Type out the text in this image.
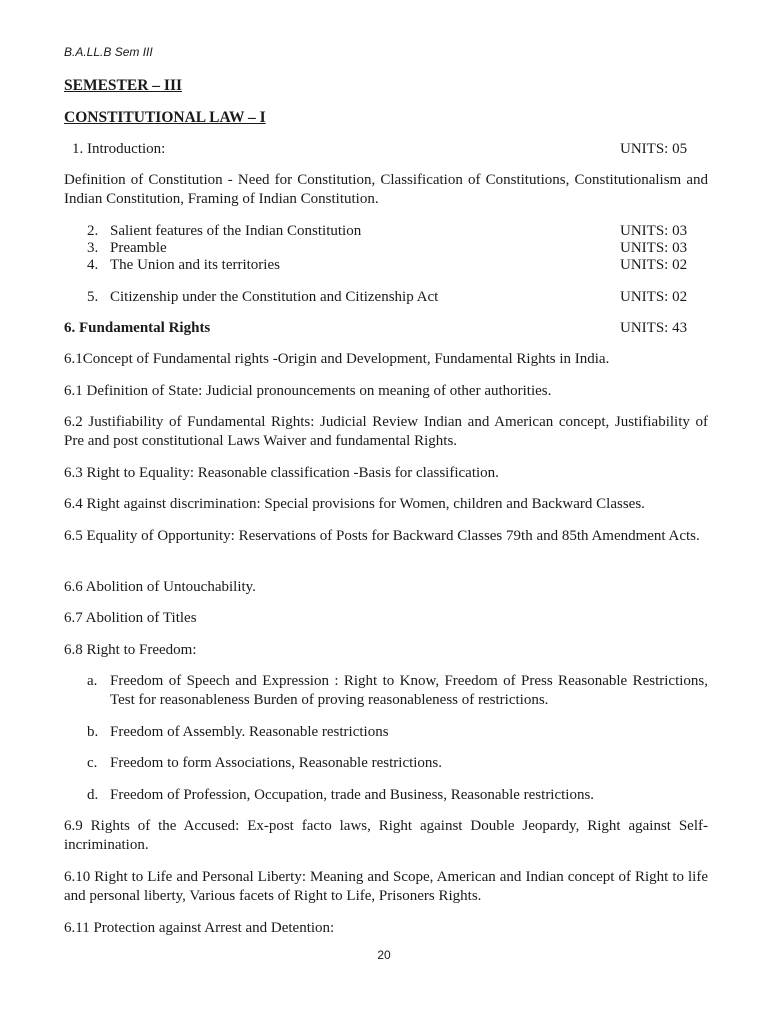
B.A.LL.B Sem III
SEMESTER – III
CONSTITUTIONAL LAW – I
1. Introduction:	UNITS: 05
Definition of Constitution - Need for Constitution, Classification of Constitutions, Constitutionalism and Indian Constitution, Framing of Indian Constitution.
2. Salient features of the Indian Constitution	UNITS: 03
3. Preamble	UNITS: 03
4. The Union and its territories	UNITS: 02
5. Citizenship under the Constitution and Citizenship Act	UNITS: 02
6. Fundamental Rights	UNITS: 43
6.1Concept of Fundamental rights -Origin and Development, Fundamental Rights in India.
6.1 Definition of State: Judicial pronouncements on meaning of other authorities.
6.2 Justifiability of Fundamental Rights: Judicial Review Indian and American concept, Justifiability of Pre and post constitutional Laws Waiver and fundamental Rights.
6.3 Right to Equality: Reasonable classification -Basis for classification.
6.4 Right against discrimination: Special provisions for Women, children and Backward Classes.
6.5 Equality of Opportunity: Reservations of Posts for Backward Classes 79th and 85th Amendment Acts.
6.6 Abolition of Untouchability.
6.7 Abolition of Titles
6.8 Right to Freedom:
a. Freedom of Speech and Expression : Right to Know, Freedom of Press Reasonable Restrictions, Test for reasonableness Burden of proving reasonableness of restrictions.
b. Freedom of Assembly. Reasonable restrictions
c. Freedom to form Associations, Reasonable restrictions.
d. Freedom of Profession, Occupation, trade and Business, Reasonable restrictions.
6.9 Rights of the Accused: Ex-post facto laws, Right against Double Jeopardy, Right against Self-incrimination.
6.10 Right to Life and Personal Liberty: Meaning and Scope, American and Indian concept of Right to life and personal liberty, Various facets of Right to Life, Prisoners Rights.
6.11 Protection against Arrest and Detention:
20
